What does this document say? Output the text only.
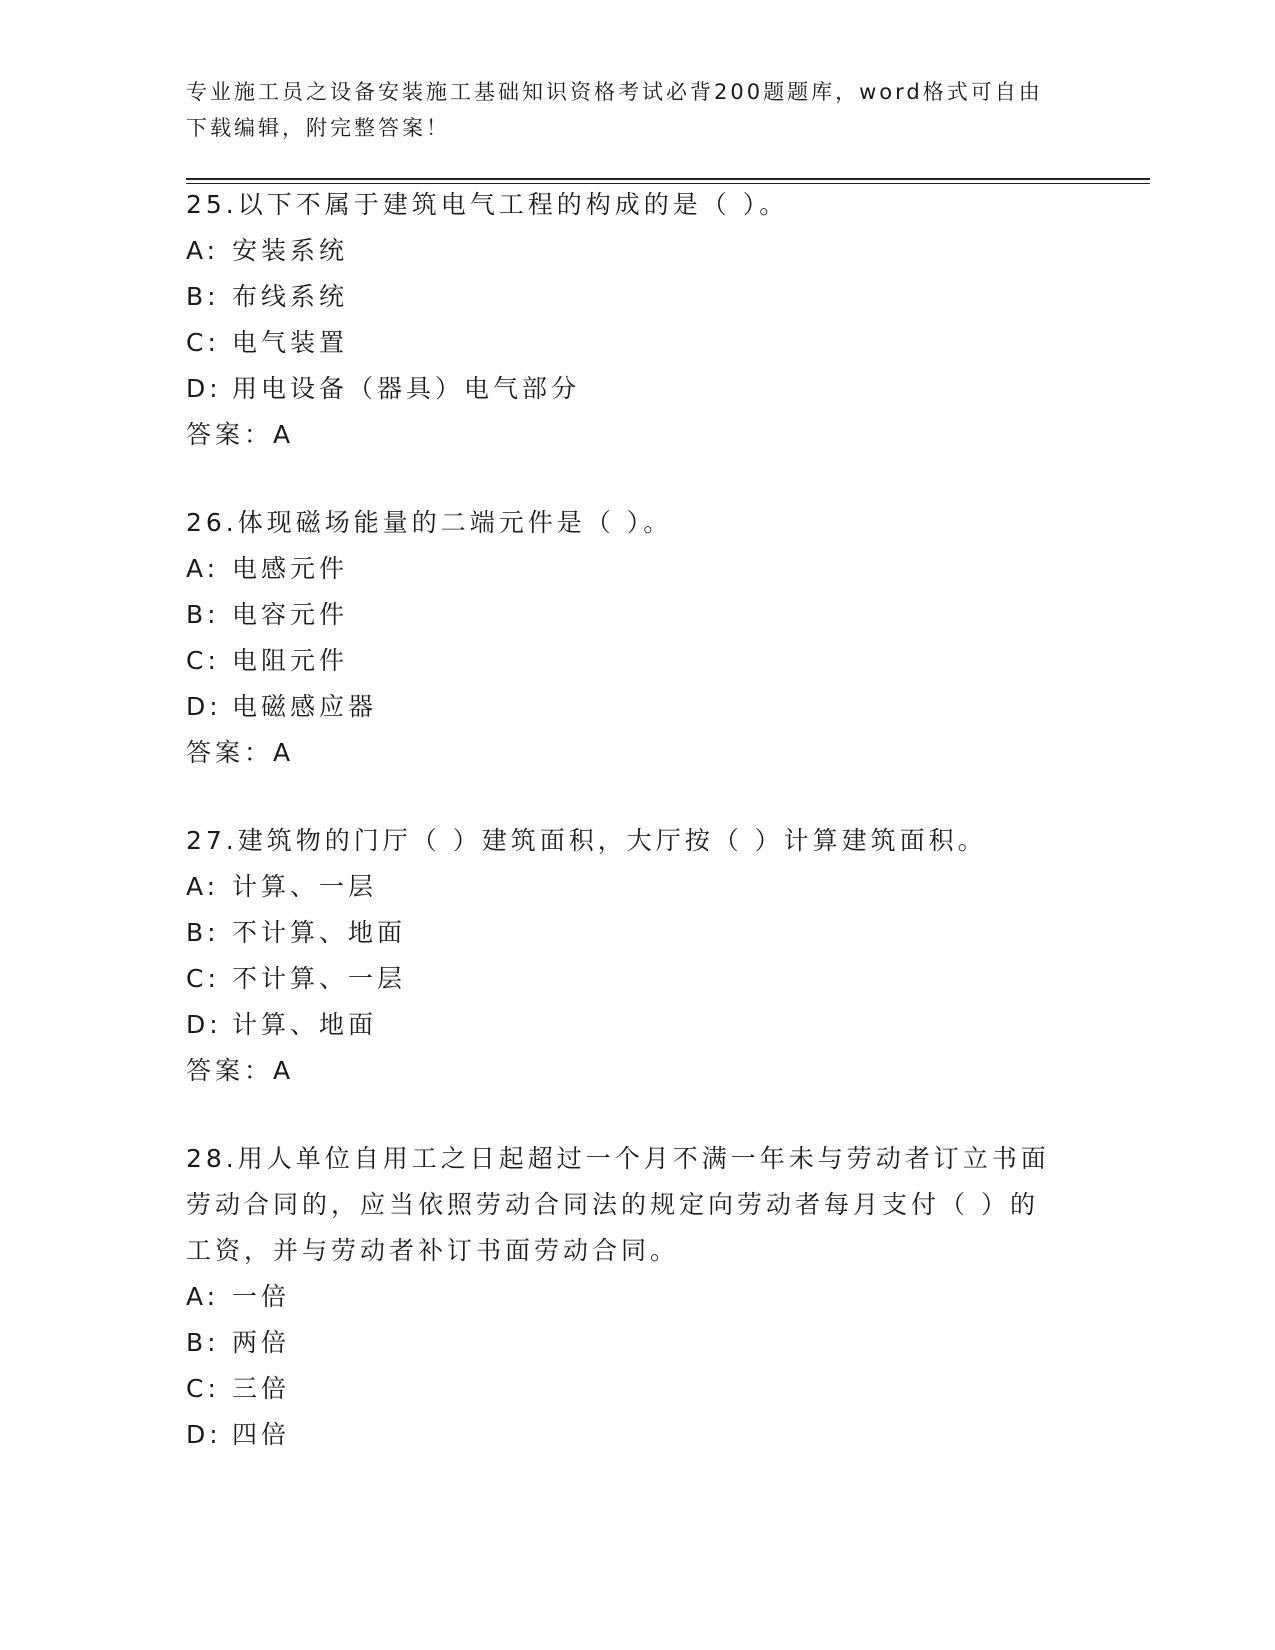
专业施工员之设备安装施工基础知识资格考试必背200题题库，word格式可自由下载编辑，附完整答案！

25.以下不属于建筑电气工程的构成的是（ ）。

A: 安装系统

B: 布线系统

C: 电气装置

D: 用电设备（器具）电气部分

答案：A

26.体现磁场能量的二端元件是（ ）。

A: 电感元件

B: 电容元件

C: 电阻元件

D: 电磁感应器

答案：A

27.建筑物的门厅（ ）建筑面积，大厅按（ ）计算建筑面积。

A: 计算、一层

B: 不计算、地面

C: 不计算、一层

D: 计算、地面

答案：A

28.用人单位自用工之日起超过一个月不满一年未与劳动者订立书面劳动合同的，应当依照劳动合同法的规定向劳动者每月支付（ ）的工资，并与劳动者补订书面劳动合同。

A: 一倍

B: 两倍

C: 三倍

D: 四倍
